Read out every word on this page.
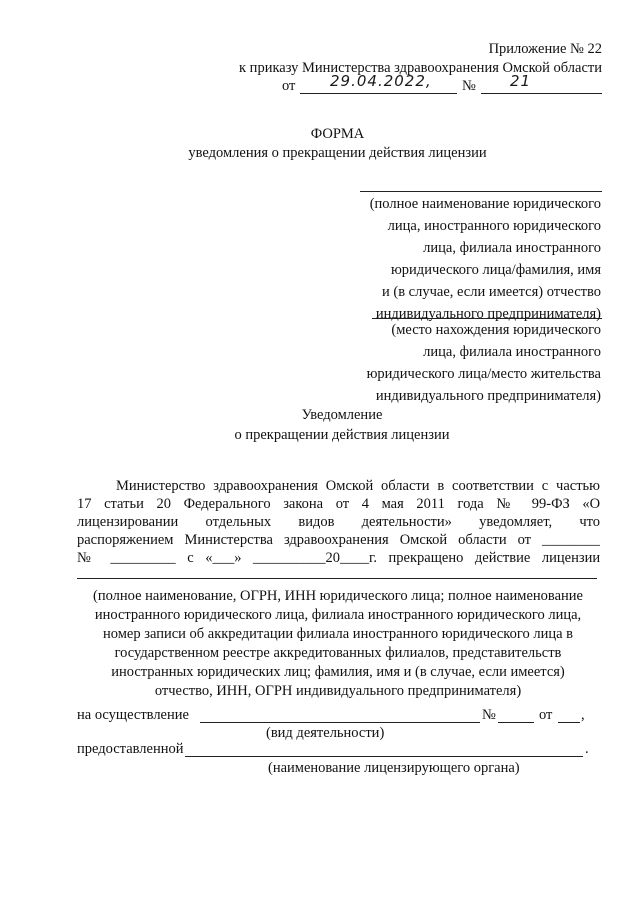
Приложение № 22
к приказу Министерства здравоохранения Омской области
от 29.04.2022, № 21
ФОРМА
уведомления о прекращении действия лицензии
(полное наименование юридического
лица, иностранного юридического
лица, филиала иностранного
юридического лица/фамилия, имя
и (в случае, если имеется) отчество
индивидуального предпринимателя)
(место нахождения юридического
лица, филиала иностранного
юридического лица/место жительства
индивидуального предпринимателя)
Уведомление
о прекращении действия лицензии
Министерство здравоохранения Омской области в соответствии с частью
17 статьи 20 Федерального закона от 4 мая 2011 года № 99-ФЗ «О
лицензировании отдельных видов деятельности» уведомляет, что
распоряжением Министерства здравоохранения Омской области от ________
№ _________ с «___» __________20____г. прекращено действие лицензии
(полное наименование, ОГРН, ИНН юридического лица; полное наименование
иностранного юридического лица, филиала иностранного юридического лица,
номер записи об аккредитации филиала иностранного юридического лица в
государственном реестре аккредитованных филиалов, представительств
иностранных юридических лиц; фамилия, имя и (в случае, если имеется)
отчество, ИНН, ОГРН индивидуального предпринимателя)
на осуществление	№	от ,
(вид деятельности)
предоставленной	.
(наименование лицензирующего органа)
